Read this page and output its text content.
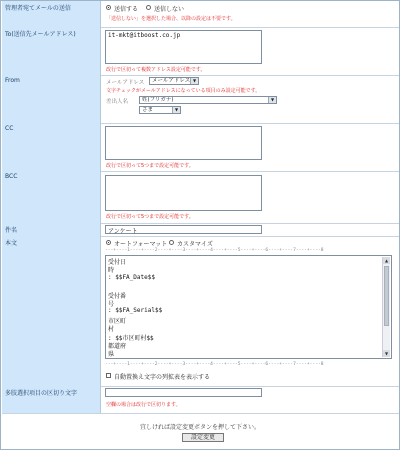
管理者宛てメールの送信	送信する	送信しない
「送信しない」を選択した場合、以降の設定は不要です。
To(送信先メールアドレス)	it-mkt@itboost.co.jp
改行で区切って複数アドレス設定可能です。
From	メールアドレス	メールアドレス ▼
文字チェックがメールアドレスになっている項目のみ設定可能です。
差出人名	姓(フリガナ)	▼
さま	▼
CC
改行で区切って5つまで設定可能です。
BCC
改行で区切って5つまで設定可能です。
件名	アンケート
本文	オートフォーマット カスタマイズ
---+----1----+----2----+----3----+----4----+----5----+----6----+----7----+----8
受付日
時
: $$FA_Date$$
受付番
号
: $$FA_Serial$$
市区町
村
: $$市区町村$$
都道府
県
▲
▼
---+----1----+----2----+----3----+----4----+----5----+----6----+----7----+----8
自動置換え文字の列拡表を表示する
多肢選択項目の区切り文字
空欄の場合は改行で区切ります。
宜しければ設定変更ボタンを押して下さい。
設定変更
